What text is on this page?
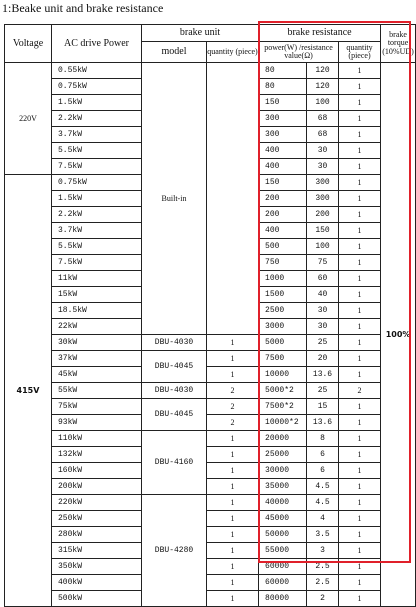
1:Beake unit and brake resistance
Voltage	AC drive Power	brake unit		brake resistance			brake torque (10%UD)
		model	quantity (piece)	power(W) /resistance value(Ω)		quantity (piece)	
220V	0.55kW	Built-in		80	120	1	100%
	0.75kW			80	120	1	
	1.5kW			150	100	1	
	2.2kW			300	68	1	
	3.7kW			300	68	1	
	5.5kW			400	30	1	
	7.5kW			400	30	1	
415V	0.75kW			150	300	1	
	1.5kW			200	300	1	
	2.2kW			200	200	1	
	3.7kW			400	150	1	
	5.5kW			500	100	1	
	7.5kW			750	75	1	
	11kW			1000	60	1	
	15kW			1500	40	1	
	18.5kW			2500	30	1	
	22kW			3000	30	1	
	30kW	DBU-4030	1	5000	25	1	
	37kW	DBU-4045	1	7500	20	1	
	45kW		1	10000	13.6	1	
	55kW	DBU-4030	2	5000*2	25	2	
	75kW	DBU-4045	2	7500*2	15	1	
	93kW		2	10000*2	13.6	1	
	110kW	DBU-4160	1	20000	8	1	
	132kW		1	25000	6	1	
	160kW		1	30000	6	1	
	200kW		1	35000	4.5	1	
	220kW	DBU-4280	1	40000	4.5	1	
	250kW		1	45000	4	1	
	280kW		1	50000	3.5	1	
	315kW		1	55000	3	1	
	350kW		1	60000	2.5	1	
	400kW		1	60000	2.5	1	
	500kW		1	80000	2	1	
